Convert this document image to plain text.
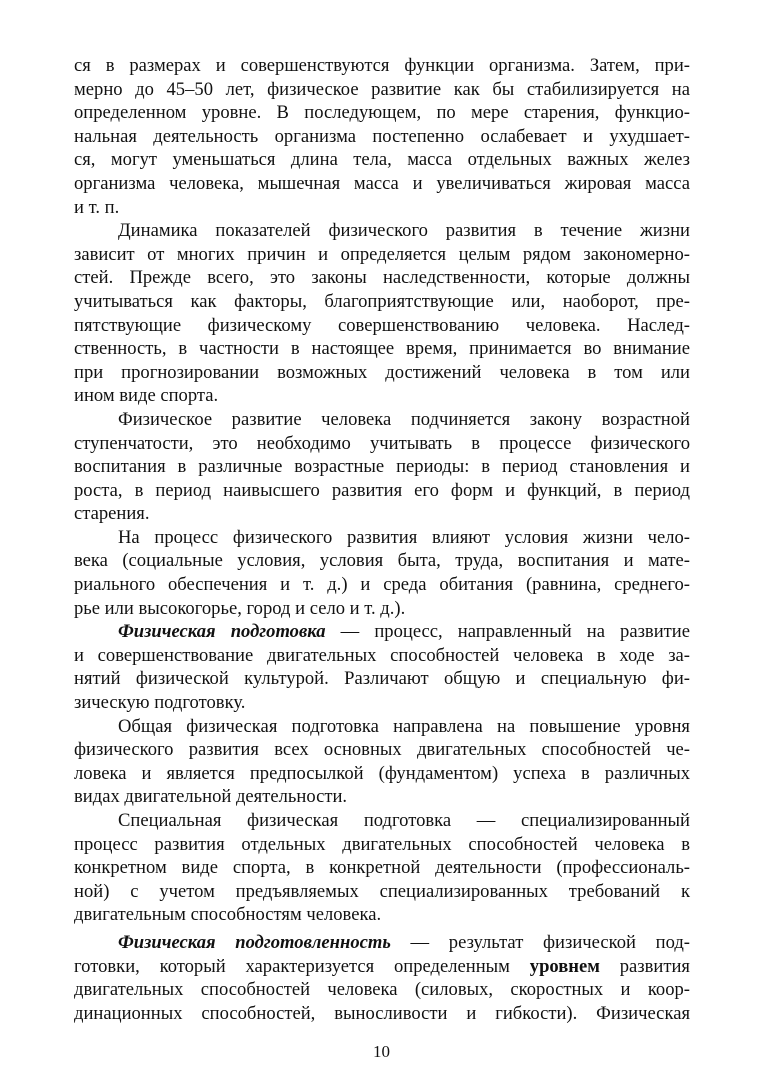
ся в размерах и совершенствуются функции организма. Затем, при-
мерно до 45–50 лет, физическое развитие как бы стабилизируется на
определенном уровне. В последующем, по мере старения, функцио-
нальная деятельность организма постепенно ослабевает и ухудшает-
ся, могут уменьшаться длина тела, масса отдельных важных желез
организма человека, мышечная масса и увеличиваться жировая масса
и т. п.

Динамика показателей физического развития в течение жизни
зависит от многих причин и определяется целым рядом закономерно-
стей. Прежде всего, это законы наследственности, которые должны
учитываться как факторы, благоприятствующие или, наоборот, пре-
пятствующие физическому совершенствованию человека. Наслед-
ственность, в частности в настоящее время, принимается во внимание
при прогнозировании возможных достижений человека в том или
ином виде спорта.

Физическое развитие человека подчиняется закону возрастной
ступенчатости, это необходимо учитывать в процессе физического
воспитания в различные возрастные периоды: в период становления и
роста, в период наивысшего развития его форм и функций, в период
старения.

На процесс физического развития влияют условия жизни чело-
века (социальные условия, условия быта, труда, воспитания и мате-
риального обеспечения и т. д.) и среда обитания (равнина, среднего-
рье или высокогорье, город и село и т. д.).

Физическая подготовка — процесс, направленный на развитие
и совершенствование двигательных способностей человека в ходе за-
нятий физической культурой. Различают общую и специальную фи-
зическую подготовку.

Общая физическая подготовка направлена на повышение уровня
физического развития всех основных двигательных способностей че-
ловека и является предпосылкой (фундаментом) успеха в различных
видах двигательной деятельности.

Специальная физическая подготовка — специализированный
процесс развития отдельных двигательных способностей человека в
конкретном виде спорта, в конкретной деятельности (профессиональ-
ной) с учетом предъявляемых специализированных требований к
двигательным способностям человека.

Физическая подготовленность — результат физической под-
готовки, который характеризуется определенным уровнем развития
двигательных способностей человека (силовых, скоростных и коор-
динационных способностей, выносливости и гибкости). Физическая

10
